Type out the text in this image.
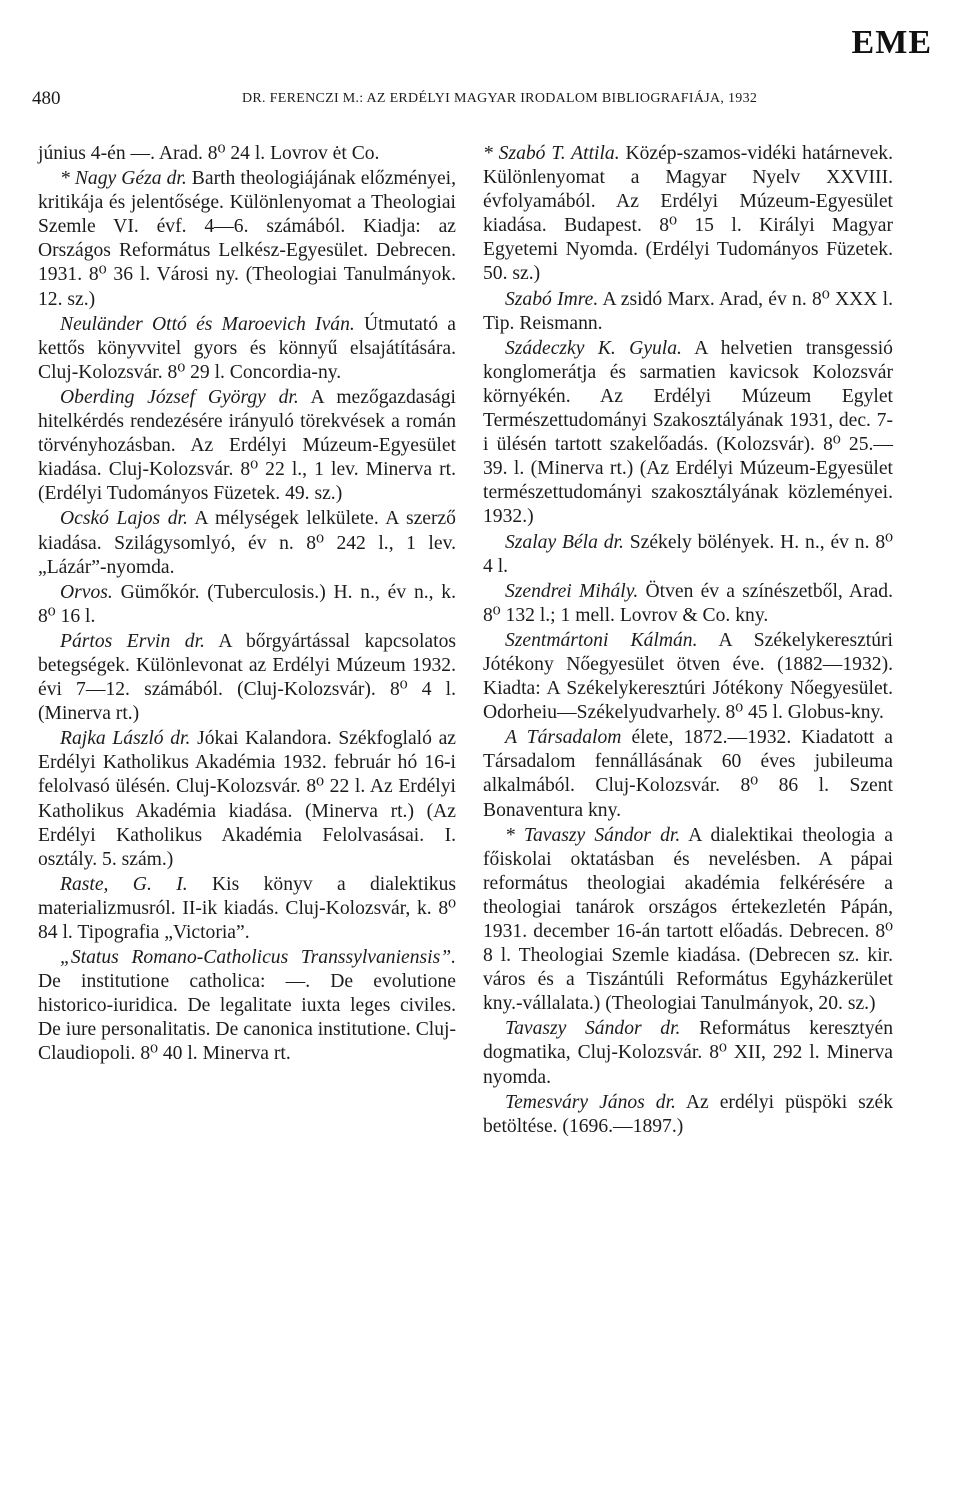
EME
480	DR. FERENCZI M.: AZ ERDÉLYI MAGYAR IRODALOM BIBLIOGRAFIÁJA, 1932

június 4-én —. Arad. 8⁰ 24 l. Lovrov ėt Co.

* Nagy Géza dr. Barth theologiájának előzményei, kritikája és jelentősége. Különlenyomat a Theologiai Szemle VI. évf. 4—6. számából. Kiadja: az Országos Református Lelkész-Egyesület. Debrecen. 1931. 8⁰ 36 l. Városi ny. (Theologiai Tanulmányok. 12. sz.)

Neuländer Ottó és Maroevich Iván. Útmutató a kettős könyvvitel gyors és könnyű elsajátítására. Cluj-Kolozsvár. 8⁰ 29 l. Concordia-ny.

Oberding József György dr. A mezőgazdasági hitelkérdés rendezésére irányuló törekvések a román törvényhozásban. Az Erdélyi Múzeum-Egyesület kiadása. Cluj-Kolozsvár. 8⁰ 22 l., 1 lev. Minerva rt. (Erdélyi Tudományos Füzetek. 49. sz.)

Ocskó Lajos dr. A mélységek lelkülete. A szerző kiadása. Szilágysomlyó, év n. 8⁰ 242 l., 1 lev. „Lázár”-nyomda.

Orvos. Gümőkór. (Tuberculosis.) H. n., év n., k. 8⁰ 16 l.

Pártos Ervin dr. A bőrgyártással kapcsolatos betegségek. Különlevonat az Erdélyi Múzeum 1932. évi 7—12. számából. (Cluj-Kolozsvár). 8⁰ 4 l. (Minerva rt.)

Rajka László dr. Jókai Kalandora. Székfoglaló az Erdélyi Katholikus Akadémia 1932. február hó 16-i felolvasó ülésén. Cluj-Kolozsvár. 8⁰ 22 l. Az Erdélyi Katholikus Akadémia kiadása. (Minerva rt.) (Az Erdélyi Katholikus Akadémia Felolvasásai. I. osztály. 5. szám.)

Raste, G. I. Kis könyv a dialektikus materializmusról. II-ik kiadás. Cluj-Kolozsvár, k. 8⁰ 84 l. Tipografia „Victoria”.

„Status Romano-Catholicus Transsylvaniensis”. De institutione catholica: —. De evolutione historico-iuridica. De legalitate iuxta leges civiles. De iure personalitatis. De canonica institutione. Cluj-Claudiopoli. 8⁰ 40 l. Minerva rt.

* Szabó T. Attila. Közép-szamos-vidéki határnevek. Különlenyomat a Magyar Nyelv XXVIII. évfolyamából. Az Erdélyi Múzeum-Egyesület kiadása. Budapest. 8⁰ 15 l. Királyi Magyar Egyetemi Nyomda. (Erdélyi Tudományos Füzetek. 50. sz.)

Szabó Imre. A zsidó Marx. Arad, év n. 8⁰ XXX l. Tip. Reismann.

Szádeczky K. Gyula. A helvetien transgessió konglomerátja és sarmatien kavicsok Kolozsvár környékén. Az Erdélyi Múzeum Egylet Természettudományi Szakosztályának 1931, dec. 7-i ülésén tartott szakelőadás. (Kolozsvár). 8⁰ 25.—39. l. (Minerva rt.) (Az Erdélyi Múzeum-Egyesület természettudományi szakosztályának közleményei. 1932.)

Szalay Béla dr. Székely bölények. H. n., év n. 8⁰ 4 l.

Szendrei Mihály. Ötven év a színészetből, Arad. 8⁰ 132 l.; 1 mell. Lovrov & Co. kny.

Szentmártoni Kálmán. A Székelykeresztúri Jótékony Nőegyesület ötven éve. (1882—1932). Kiadta: A Székelykeresztúri Jótékony Nőegyesület. Odorheiu—Székelyudvarhely. 8⁰ 45 l. Globus-kny.

A Társadalom élete, 1872.—1932. Kiadatott a Társadalom fennállásának 60 éves jubileuma alkalmából. Cluj-Kolozsvár. 8⁰ 86 l. Szent Bonaventura kny.

* Tavaszy Sándor dr. A dialektikai theologia a főiskolai oktatásban és nevelésben. A pápai református theologiai akadémia felkérésére a theologiai tanárok országos értekezletén Pápán, 1931. december 16-án tartott előadás. Debrecen. 8⁰ 8 l. Theologiai Szemle kiadása. (Debrecen sz. kir. város és a Tiszántúli Református Egyházkerület kny.-vállalata.) (Theologiai Tanulmányok, 20. sz.)

Tavaszy Sándor dr. Református keresztyén dogmatika, Cluj-Kolozsvár. 8⁰ XII, 292 l. Minerva nyomda.

Temesváry János dr. Az erdélyi püspöki szék betöltése. (1696.—1897.)
